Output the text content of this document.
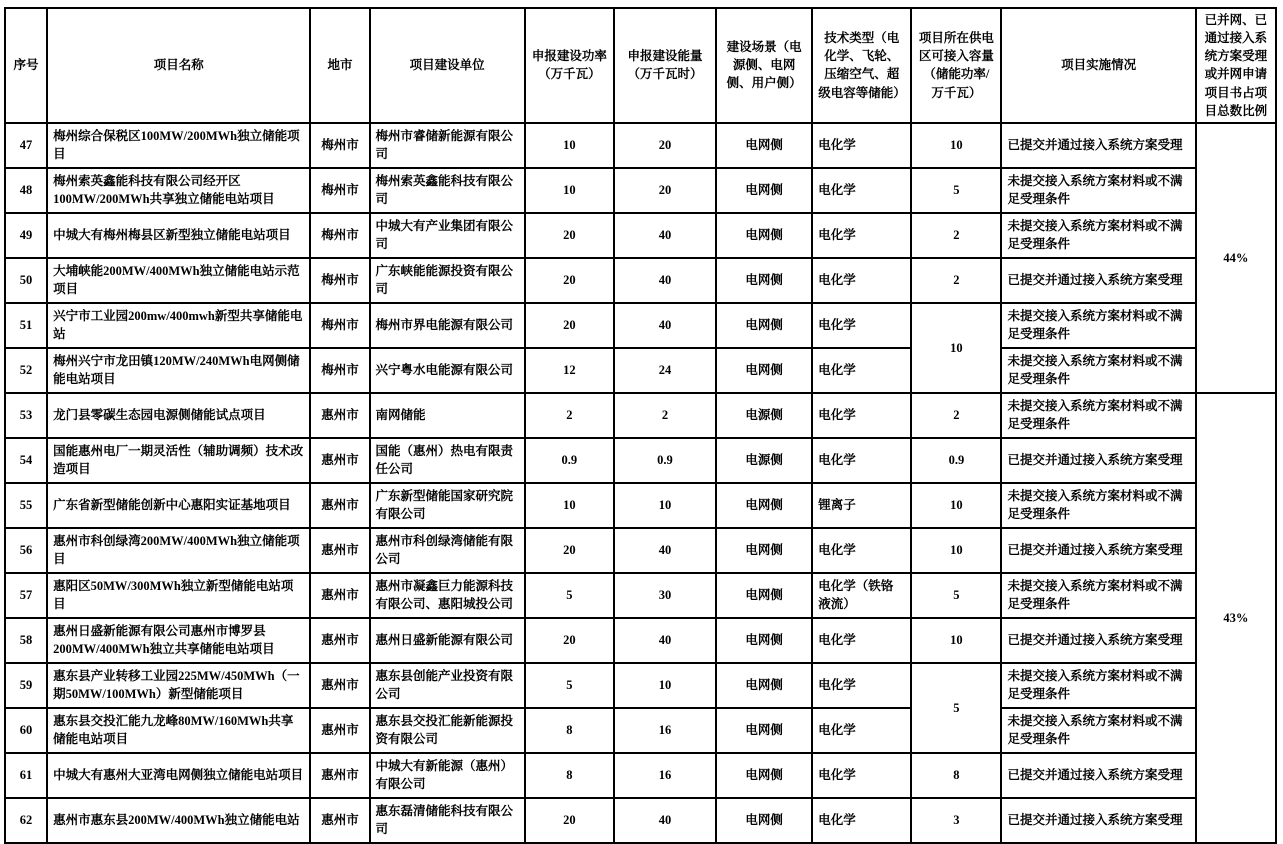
序号	项目名称	地市	项目建设单位	申报建设功率（万千瓦）	申报建设能量（万千瓦时）	建设场景（电源侧、电网侧、用户侧）	技术类型（电化学、飞轮、压缩空气、超级电容等储能）	项目所在供电区可接入容量（储能功率/万千瓦）	项目实施情况	已并网、已通过接入系统方案受理或并网申请项目书占项目总数比例
47	梅州综合保税区100MW/200MWh独立储能项目	梅州市	梅州市睿储新能源有限公司	10	20	电网侧	电化学	10	已提交并通过接入系统方案受理	44%
48	梅州索英鑫能科技有限公司经开区100MW/200MWh共享独立储能电站项目	梅州市	梅州索英鑫能科技有限公司	10	20	电网侧	电化学	5	未提交接入系统方案材料或不满足受理条件	
49	中城大有梅州梅县区新型独立储能电站项目	梅州市	中城大有产业集团有限公司	20	40	电网侧	电化学	2	未提交接入系统方案材料或不满足受理条件	
50	大埔峡能200MW/400MWh独立储能电站示范项目	梅州市	广东峡能能源投资有限公司	20	40	电网侧	电化学	2	已提交并通过接入系统方案受理	
51	兴宁市工业园200mw/400mwh新型共享储能电站	梅州市	梅州市界电能源有限公司	20	40	电网侧	电化学	10	未提交接入系统方案材料或不满足受理条件	
52	梅州兴宁市龙田镇120MW/240MWh电网侧储能电站项目	梅州市	兴宁粤水电能源有限公司	12	24	电网侧	电化学		未提交接入系统方案材料或不满足受理条件	
53	龙门县零碳生态园电源侧储能试点项目	惠州市	南网储能	2	2	电源侧	电化学	2	未提交接入系统方案材料或不满足受理条件	43%
54	国能惠州电厂一期灵活性（辅助调频）技术改造项目	惠州市	国能（惠州）热电有限责任公司	0.9	0.9	电源侧	电化学	0.9	已提交并通过接入系统方案受理	
55	广东省新型储能创新中心惠阳实证基地项目	惠州市	广东新型储能国家研究院有限公司	10	10	电网侧	锂离子	10	未提交接入系统方案材料或不满足受理条件	
56	惠州市科创绿湾200MW/400MWh独立储能项目	惠州市	惠州市科创绿湾储能有限公司	20	40	电网侧	电化学	10	已提交并通过接入系统方案受理	
57	惠阳区50MW/300MWh独立新型储能电站项目	惠州市	惠州市凝鑫巨力能源科技有限公司、惠阳城投公司	5	30	电网侧	电化学（铁铬液流）	5	未提交接入系统方案材料或不满足受理条件	
58	惠州日盛新能源有限公司惠州市博罗县200MW/400MWh独立共享储能电站项目	惠州市	惠州日盛新能源有限公司	20	40	电网侧	电化学	10	已提交并通过接入系统方案受理	
59	惠东县产业转移工业园225MW/450MWh（一期50MW/100MWh）新型储能项目	惠州市	惠东县创能产业投资有限公司	5	10	电网侧	电化学	5	未提交接入系统方案材料或不满足受理条件	
60	惠东县交投汇能九龙峰80MW/160MWh共享储能电站项目	惠州市	惠东县交投汇能新能源投资有限公司	8	16	电网侧	电化学		未提交接入系统方案材料或不满足受理条件	
61	中城大有惠州大亚湾电网侧独立储能电站项目	惠州市	中城大有新能源（惠州）有限公司	8	16	电网侧	电化学	8	已提交并通过接入系统方案受理	
62	惠州市惠东县200MW/400MWh独立储能电站	惠州市	惠东磊清储能科技有限公司	20	40	电网侧	电化学	3	已提交并通过接入系统方案受理	
